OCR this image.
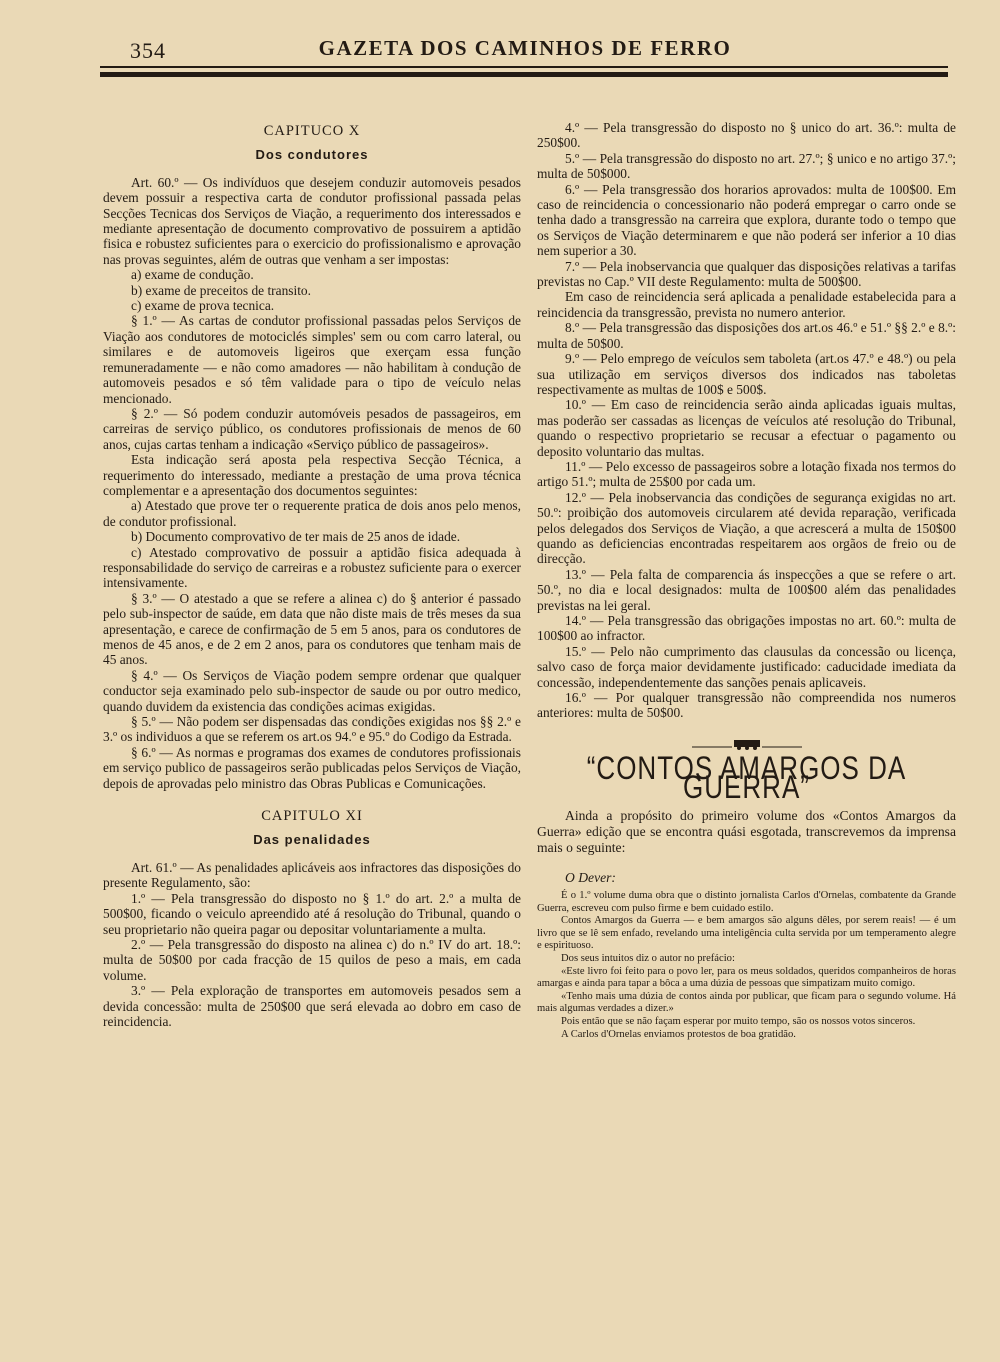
354	GAZETA DOS CAMINHOS DE FERRO
CAPITUCO X
Dos condutores

Art. 60.º — Os indivíduos que desejem conduzir automoveis pesados devem possuir a respectiva carta de condutor profissional passada pelas Secções Tecnicas dos Serviços de Viação, a requerimento dos interessados e mediante apresentação de documento comprovativo de possuirem a aptidão fisica e robustez suficientes para o exercicio do profissionalismo e aprovação nas provas seguintes, além de outras que venham a ser impostas:

a) exame de condução.

b) exame de preceitos de transito.

c) exame de prova tecnica.

§ 1.º — As cartas de condutor profissional passadas pelos Serviços de Viação aos condutores de motociclés simples' sem ou com carro lateral, ou similares e de automoveis ligeiros que exerçam essa função remuneradamente — e não como amadores — não habilitam à condução de automoveis pesados e só têm validade para o tipo de veículo nelas mencionado.

§ 2.º — Só podem conduzir automóveis pesados de passageiros, em carreiras de serviço público, os condutores profissionais de menos de 60 anos, cujas cartas tenham a indicação «Serviço público de passageiros».

Esta indicação será aposta pela respectiva Secção Técnica, a requerimento do interessado, mediante a prestação de uma prova técnica complementar e a apresentação dos documentos seguintes:

a) Atestado que prove ter o requerente pratica de dois anos pelo menos, de condutor profissional.

b) Documento comprovativo de ter mais de 25 anos de idade.

c) Atestado comprovativo de possuir a aptidão fisica adequada à responsabilidade do serviço de carreiras e a robustez suficiente para o exercer intensivamente.

§ 3.º — O atestado a que se refere a alinea c) do § anterior é passado pelo sub-inspector de saúde, em data que não diste mais de três meses da sua apresentação, e carece de confirmação de 5 em 5 anos, para os condutores de menos de 45 anos, e de 2 em 2 anos, para os condutores que tenham mais de 45 anos.

§ 4.º — Os Serviços de Viação podem sempre ordenar que qualquer conductor seja examinado pelo sub-inspector de saude ou por outro medico, quando duvidem da existencia das condições acimas exigidas.

§ 5.º — Não podem ser dispensadas das condições exigidas nos §§ 2.º e 3.º os individuos a que se referem os art.os 94.º e 95.º do Codigo da Estrada.

§ 6.º — As normas e programas dos exames de condutores profissionais em serviço publico de passageiros serão publicadas pelos Serviços de Viação, depois de aprovadas pelo ministro das Obras Publicas e Comunicações.

CAPITULO XI
Das penalidades

Art. 61.º — As penalidades aplicáveis aos infractores das disposições do presente Regulamento, são:

1.º — Pela transgressão do disposto no § 1.º do art. 2.º a multa de 500$00, ficando o veiculo apreendido até á resolução do Tribunal, quando o seu proprietario não queira pagar ou depositar voluntariamente a multa.

2.º — Pela transgressão do disposto na alinea c) do n.º IV do art. 18.º: multa de 50$00 por cada fracção de 15 quilos de peso a mais, em cada volume.

3.º — Pela exploração de transportes em automoveis pesados sem a devida concessão: multa de 250$00 que será elevada ao dobro em caso de reincidencia.

4.º — Pela transgressão do disposto no § unico do art. 36.º: multa de 250$00.

5.º — Pela transgressão do disposto no art. 27.º; § unico e no artigo 37.º; multa de 50$000.

6.º — Pela transgressão dos horarios aprovados: multa de 100$00. Em caso de reincidencia o concessionario não poderá empregar o carro onde se tenha dado a transgressão na carreira que explora, durante todo o tempo que os Serviços de Viação determinarem e que não poderá ser inferior a 10 dias nem superior a 30.

7.º — Pela inobservancia que qualquer das disposições relativas a tarifas previstas no Cap.º VII deste Regulamento: multa de 500$00.

Em caso de reincidencia será aplicada a penalidade estabelecida para a reincidencia da transgressão, prevista no numero anterior.

8.º — Pela transgressão das disposições dos art.os 46.º e 51.º §§ 2.º e 8.º: multa de 50$00.

9.º — Pelo emprego de veículos sem taboleta (art.os 47.º e 48.º) ou pela sua utilização em serviços diversos dos indicados nas taboletas respectivamente as multas de 100$ e 500$.

10.º — Em caso de reincidencia serão ainda aplicadas iguais multas, mas poderão ser cassadas as licenças de veículos até resolução do Tribunal, quando o respectivo proprietario se recusar a efectuar o pagamento ou deposito voluntario das multas.

11.º — Pelo excesso de passageiros sobre a lotação fixada nos termos do artigo 51.º; multa de 25$00 por cada um.

12.º — Pela inobservancia das condições de segurança exigidas no art. 50.º: proibição dos automoveis circularem até devida reparação, verificada pelos delegados dos Serviços de Viação, a que acrescerá a multa de 150$00 quando as deficiencias encontradas respeitarem aos orgãos de freio ou de direcção.

13.º — Pela falta de comparencia ás inspecções a que se refere o art. 50.º, no dia e local designados: multa de 100$00 além das penalidades previstas na lei geral.

14.º — Pela transgressão das obrigações impostas no art. 60.º: multa de 100$00 ao infractor.

15.º — Pelo não cumprimento das clausulas da concessão ou licença, salvo caso de força maior devidamente justificado: caducidade imediata da concessão, independentemente das sanções penais aplicaveis.

16.º — Por qualquer transgressão não compreendida nos numeros anteriores: multa de 50$00.

“CONTOS AMARGOS DA GUERRA”

Ainda a propósito do primeiro volume dos «Contos Amargos da Guerra» edição que se encontra quási esgotada, transcrevemos da imprensa mais o seguinte:

O Dever:

É o 1.º volume duma obra que o distinto jornalista Carlos d'Ornelas, combatente da Grande Guerra, escreveu com pulso firme e bem cuidado estilo.

Contos Amargos da Guerra — e bem amargos são alguns dêles, por serem reais! — é um livro que se lê sem enfado, revelando uma inteligência culta servida por um temperamento alegre e espirituoso.

Dos seus intuitos diz o autor no prefácio:

«Este livro foi feito para o povo ler, para os meus soldados, queridos companheiros de horas amargas e ainda para tapar a bôca a uma dúzia de pessoas que simpatizam muito comigo.

«Tenho mais uma dúzia de contos ainda por publicar, que ficam para o segundo volume. Há mais algumas verdades a dizer.»

Pois então que se não façam esperar por muito tempo, são os nossos votos sinceros.

A Carlos d'Ornelas enviamos protestos de boa gratidão.
